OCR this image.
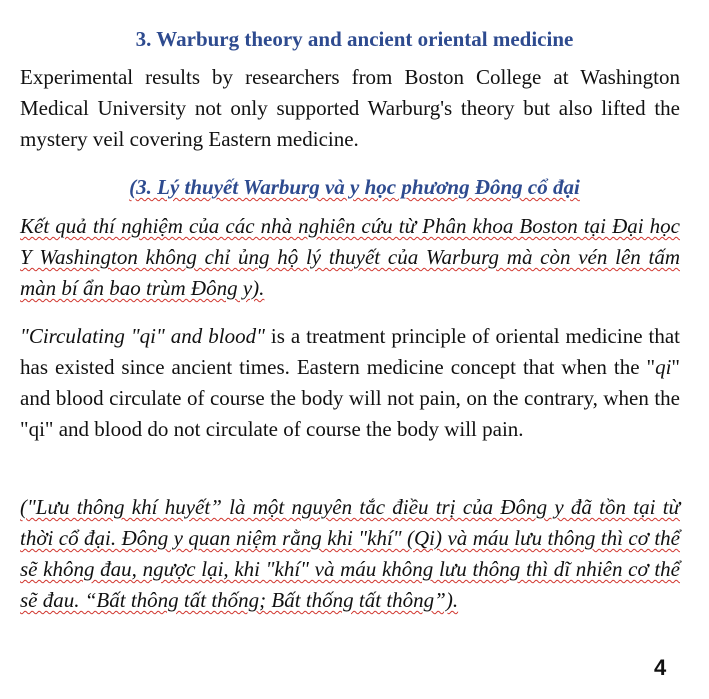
3. Warburg theory and ancient oriental medicine

Experimental results by researchers from Boston College at Washington Medical University not only supported Warburg's theory but also lifted the mystery veil covering Eastern medicine.

(3. Lý thuyết Warburg và y học phương Đông cổ đại

Kết quả thí nghiệm của các nhà nghiên cứu từ Phân khoa Boston tại Đại học Y Washington không chỉ ủng hộ lý thuyết của Warburg mà còn vén lên tấm màn bí ẩn bao trùm Đông y).

"Circulating "qi" and blood" is a treatment principle of oriental medicine that has existed since ancient times. Eastern medicine concept that when the "qi" and blood circulate of course the body will not pain, on the contrary, when the "qi" and blood do not circulate of course the body will pain.

("Lưu thông khí huyết” là một nguyên tắc điều trị của Đông y đã tồn tại từ thời cổ đại. Đông y quan niệm rằng khi "khí" (Qi) và máu lưu thông thì cơ thể sẽ không đau, ngược lại, khi "khí" và máu không lưu thông thì dĩ nhiên cơ thể sẽ đau. “Bất thông tất thống; Bất thống tất thông”).

4
